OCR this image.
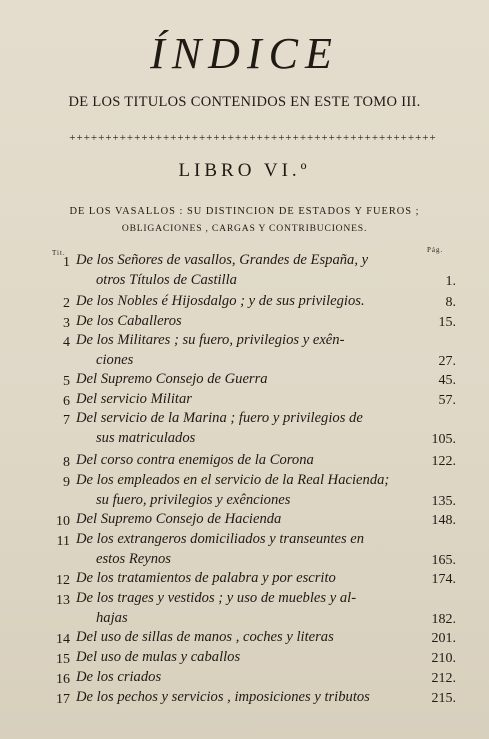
ÍNDICE
DE LOS TITULOS CONTENIDOS EN ESTE TOMO III.
+++++++++++++++++++++++++++++++++++++++++++++++++++
LIBRO VI.º
DE LOS VASALLOS : SU DISTINCION DE ESTADOS Y FUEROS ;
OBLIGACIONES , CARGAS Y CONTRIBUCIONES.
Tit.	Pág.
1 De los Señores de vasallos, Grandes de España, y
otros Títulos de Castilla	1.
2 De los Nobles é Hijosdalgo ; y de sus privilegios.	8.
3 De los Caballeros	15.
4 De los Militares ; su fuero, privilegios y exên-
ciones	27.
5 Del Supremo Consejo de Guerra	45.
6 Del servicio Militar	57.
7 Del servicio de la Marina ; fuero y privilegios de
sus matriculados	105.
8 Del corso contra enemigos de la Corona	122.
9 De los empleados en el servicio de la Real Hacienda;
su fuero, privilegios y exênciones	135.
10 Del Supremo Consejo de Hacienda	148.
11 De los extrangeros domiciliados y transeuntes en
estos Reynos	165.
12 De los tratamientos de palabra y por escrito	174.
13 De los trages y vestidos ; y uso de muebles y al-
hajas	182.
14 Del uso de sillas de manos , coches y literas	201.
15 Del uso de mulas y caballos	210.
16 De los criados	212.
17 De los pechos y servicios , imposiciones y tributos	215.
